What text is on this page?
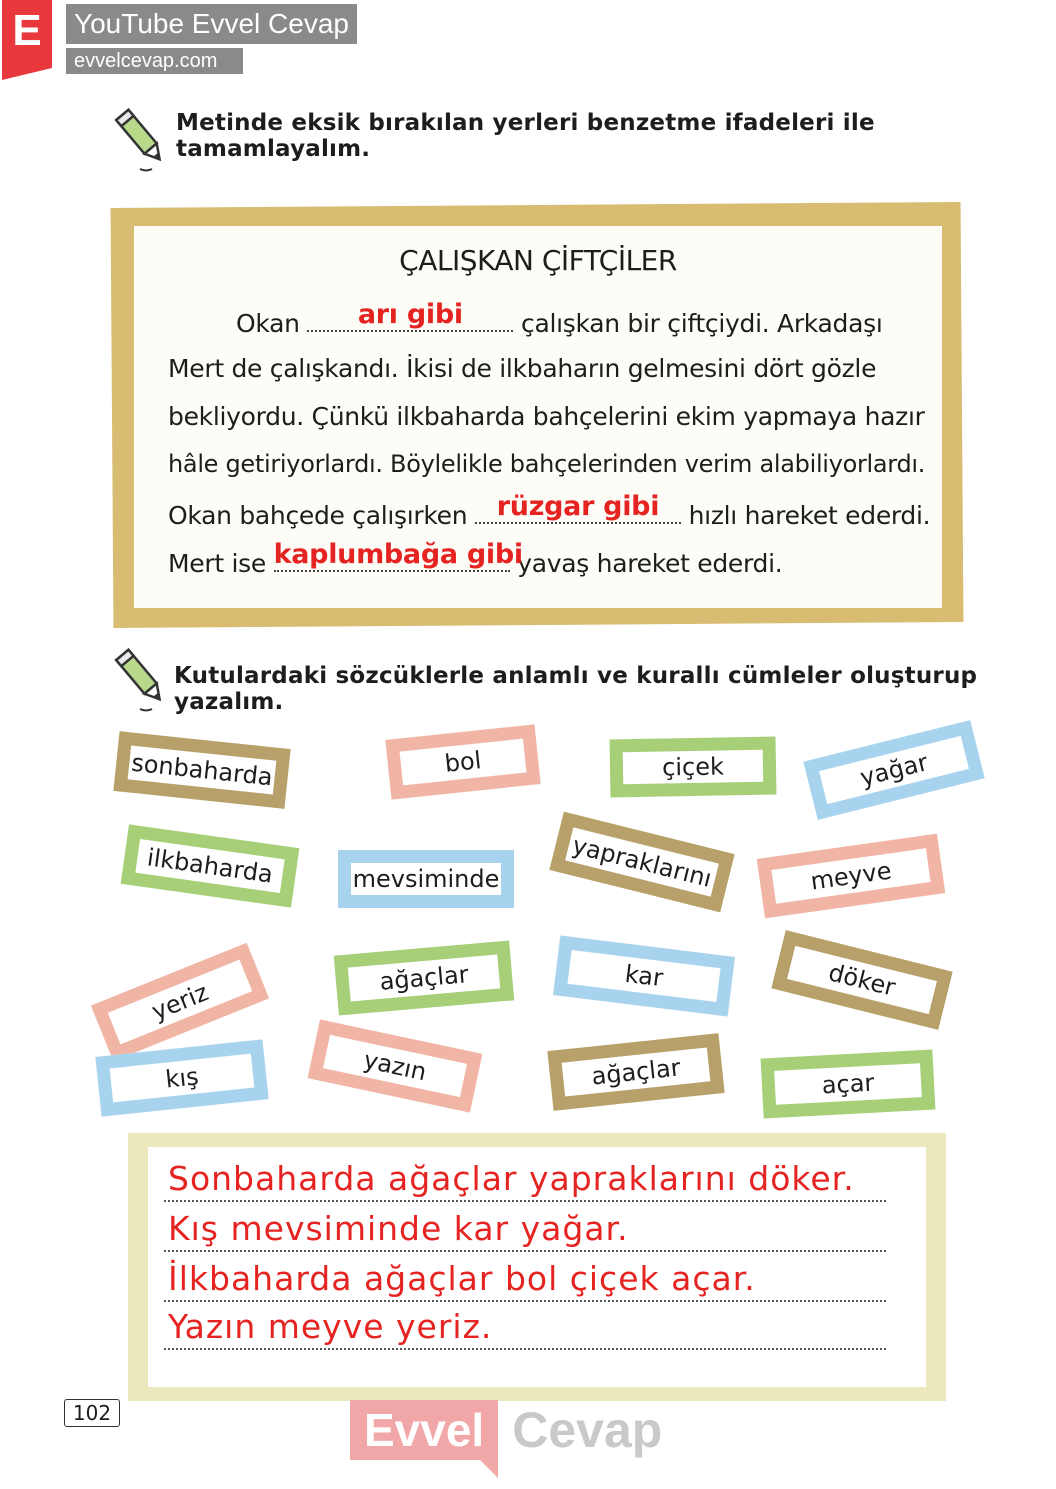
E	YouTube Evvel Cevap
evvelcevap.com
Metinde eksik bırakılan yerleri benzetme ifadeleri ile tamamlayalım.
ÇALIŞKAN ÇİFTÇİLER
Okan	arı gibi	çalışkan bir çiftçiydi. Arkadaşı
Mert de çalışkandı. İkisi de ilkbaharın gelmesini dört gözle
bekliyordu. Çünkü ilkbaharda bahçelerini ekim yapmaya hazır
hâle getiriyorlardı. Böylelikle bahçelerinden verim alabiliyorlardı.
Okan bahçede çalışırken	rüzgar gibi	hızlı hareket ederdi.
Mert ise kaplumbağa gibi
yavaş hareket ederdi.
Kutulardaki sözcüklerle anlamlı ve kurallı cümleler oluşturup yazalım.
sonbaharda	bol	çiçek	yağar
ilkbaharda	mevsiminde	yapraklarını	meyve
yeriz
ağaçlar	kar	döker
kış	yazın	ağaçlar	açar
Sonbaharda ağaçlar yapraklarını döker.
Kış mevsiminde kar yağar.
İlkbaharda ağaçlar bol çiçek açar.
Yazın meyve yeriz.
102	Evvel Cevap
